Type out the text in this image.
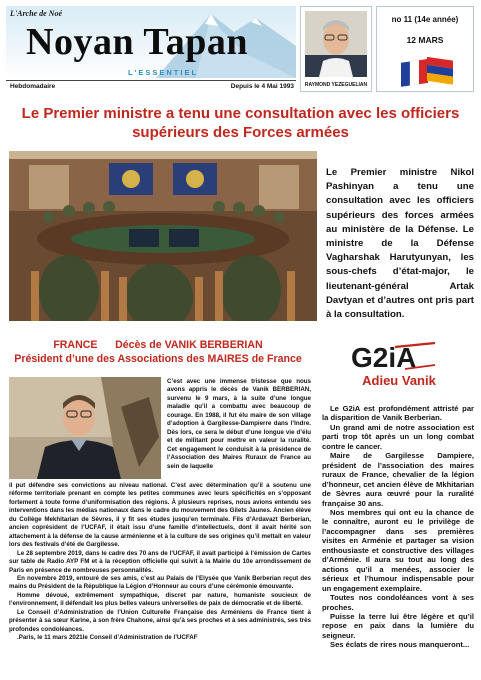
L'Arche de Noé
Noyan Tapan
L'ESSENTIEL
Hebdomadaire	Depuis le 4 Mai 1993	RAYMOND YEZEGUELIAN
no 11 (14e année)
12 MARS
Le Premier ministre a tenu une consultation avec les officiers
supérieurs des Forces armées
Le Premier ministre Nikol Pashinyan a tenu une consultation avec les officiers supérieurs des forces armées au ministère de la Défense. Le ministre de la Défense Vagharshak Harutyunyan, les sous-chefs d’état-major, le lieutenant-général Artak Davtyan et d’autres ont pris part à la consultation.
FRANCE      Décès de VANIK BERBERIAN
Président d’une des Associations des MAIRES de France
C’est avec une immense tristesse que nous avons appris le décès de Vanik BERBERIAN, survenu le 9 mars, à la suite d’une longue maladie qu’il a combattu avec beaucoup de courage. En 1988, il fut élu maire de son village d’adoption à Gargilesse-Dampierre dans l’Indre. Dès lors, ce sera le début d’une longue vie d’élu et de militant pour mettre en valeur la ruralité. Cet engagement le conduisit à la présidence de l’Association des Maires Ruraux de France au sein de laquelle

il put défendre ses convictions au niveau national. C’est avec détermination qu’il a soutenu une réforme territoriale prenant en compte les petites communes avec leurs spécificités en s’opposant fortement à toute forme d’uniformisation des régions. À plusieurs reprises, nous avions entendu ses interventions dans les médias nationaux dans le cadre du mouvement des Gilets Jaunes. Ancien élève du Collège Mekhitarian de Sèvres, il y fit ses études jusqu’en terminale. Fils d’Ardavazt Berberian, ancien coprésident de l’UCFAF, il était issu d’une famille d’intellectuels, dont il avait hérité son attachement à la défense de la cause arménienne et à la culture de ses origines qu’il mettait en valeur lors des festivals d’été de Gargilesse.

Le 28 septembre 2019, dans le cadre des 70 ans de l’UCFAF, il avait participé à l’émission de Cartes sur table de Radio AYP FM et à la réception officielle qui suivit à la Mairie du 10e arrondissement de Paris en présence de nombreuses personnalités.

En novembre 2019, entouré de ses amis, c’est au Palais de l’Elysée que Vanik Berberian reçut des mains du Président de la République la Légion d’Honneur au cours d’une cérémonie émouvante.

Homme dévoué, extrêmement sympathique, discret par nature, humaniste soucieux de l’environnement, il défendait les plus belles valeurs universelles de paix de démocratie et de liberté.

Le Conseil d’Administration de l’Union Culturelle Française des Arméniens de France tient à présenter à sa sœur Karine, à son frère Chahone, ainsi qu’à ses proches et à ses administrés, ses très profondes condoléances.

.Paris, le 11 mars 2021le Conseil d’Administration de l’UCFAF

G2iA
Adieu Vanik

Le G2iA est profondément attristé par la disparition de Vanik Berberian.

Un grand ami de notre association est parti trop tôt après un un long combat contre le cancer.

Maire de Gargilesse Dampiere, président de l’association des maires ruraux de France, chevalier de la légion d’honneur, cet ancien élève de Mkhitarian de Sèvres aura œuvré pour la ruralité française 30 ans.

Nos membres qui ont eu la chance de le connaître, auront eu le privilège de l’accompagner dans ses premières visites en Arménie et partager sa vision enthousiaste et constructive des villages d’Arménie. Il aura su tout au long des actions qu’il a menées, associer le sérieux et l’humour indispensable pour un engagement exemplaire.

Toutes nos condoléances vont à ses proches.

Puisse la terre lui être légère et qu’il repose en paix dans la lumière du seigneur.

Ses éclats de rires nous manqueront...
